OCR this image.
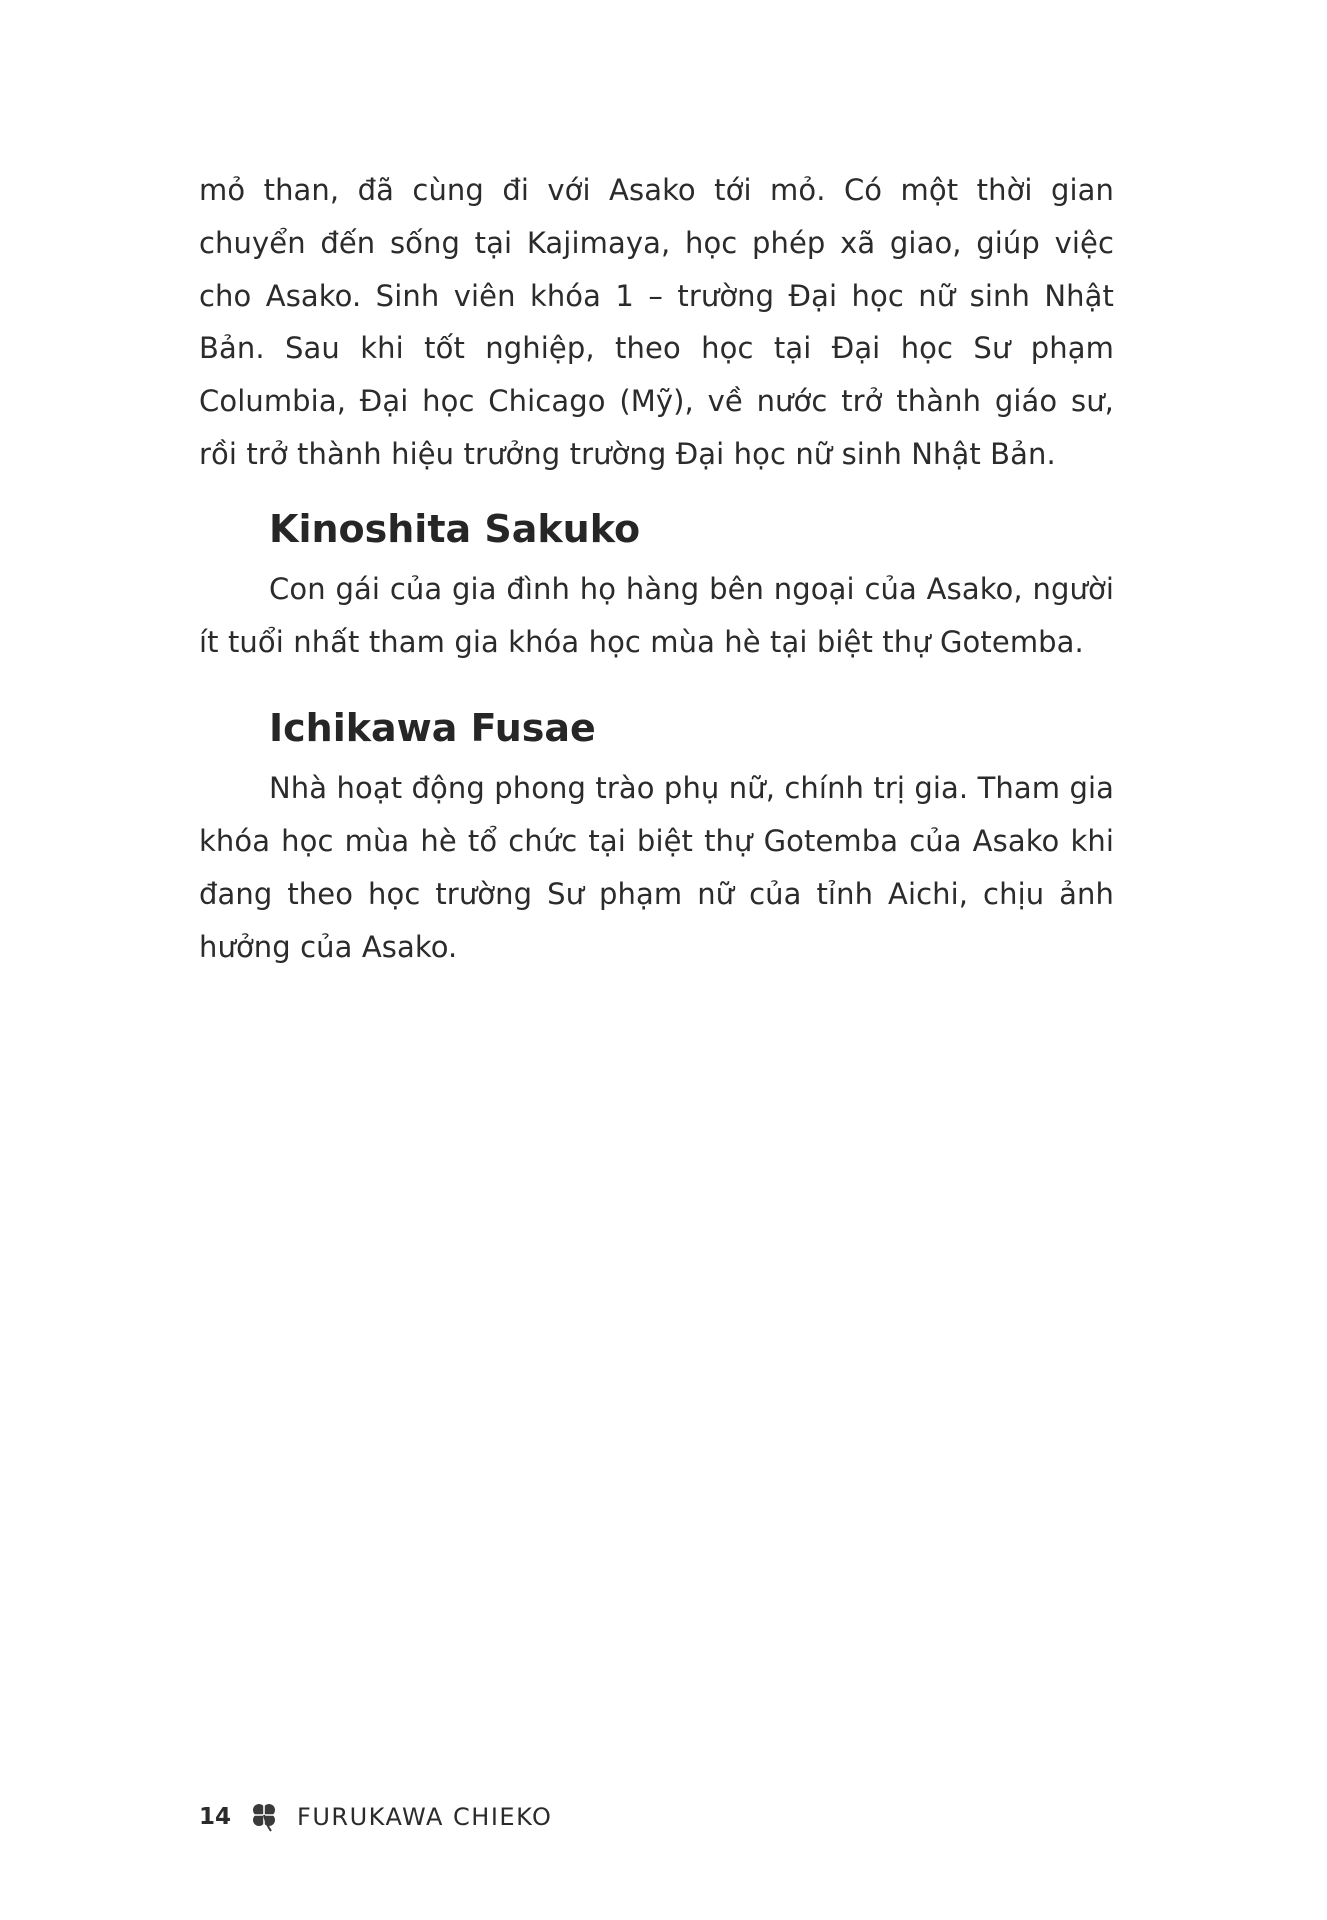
mỏ than, đã cùng đi với Asako tới mỏ. Có một thời gian chuyển đến sống tại Kajimaya, học phép xã giao, giúp việc cho Asako. Sinh viên khóa 1 – trường Đại học nữ sinh Nhật Bản. Sau khi tốt nghiệp, theo học tại Đại học Sư phạm Columbia, Đại học Chicago (Mỹ), về nước trở thành giáo sư, rồi trở thành hiệu trưởng trường Đại học nữ sinh Nhật Bản.

Kinoshita Sakuko

Con gái của gia đình họ hàng bên ngoại của Asako, người ít tuổi nhất tham gia khóa học mùa hè tại biệt thự Gotemba.

Ichikawa Fusae

Nhà hoạt động phong trào phụ nữ, chính trị gia. Tham gia khóa học mùa hè tổ chức tại biệt thự Gotemba của Asako khi đang theo học trường Sư phạm nữ của tỉnh Aichi, chịu ảnh hưởng của Asako.

14	FURUKAWA CHIEKO
